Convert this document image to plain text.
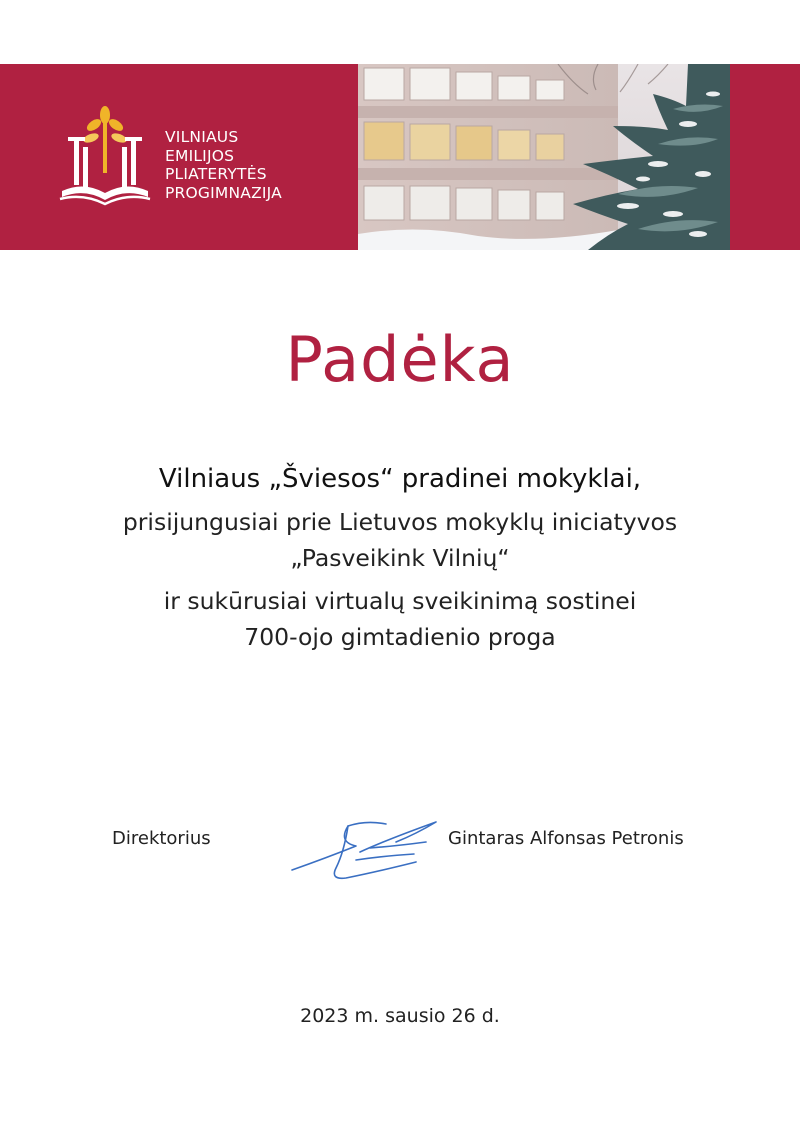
VILNIAUS
EMILIJOS
PLIATERYTĖS
PROGIMNAZIJA
Padėka
Vilniaus „Šviesos“ pradinei mokyklai,
prisijungusiai prie Lietuvos mokyklų iniciatyvos
„Pasveikink Vilnių“
ir sukūrusiai virtualų sveikinimą sostinei
700-ojo gimtadienio proga
Direktorius	Gintaras Alfonsas Petronis
2023 m. sausio 26 d.
